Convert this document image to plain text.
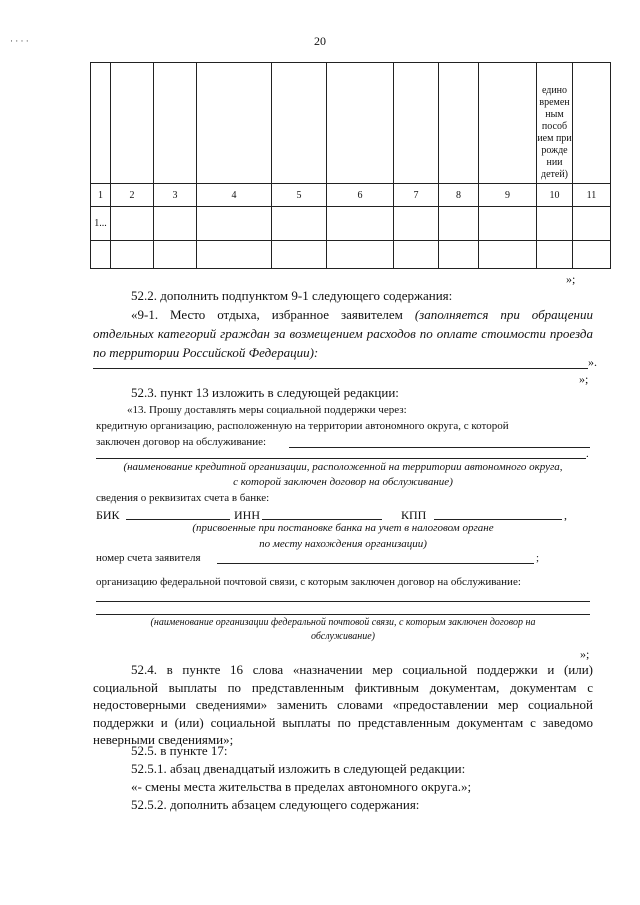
· · · ·	20
									едино времен ным пособ ием при рожде нии детей)	
1	2	3	4	5	6	7	8	9	10	11
1...										

»;
52.2. дополнить подпунктом 9-1 следующего содержания:
«9-1. Место отдыха, избранное заявителем (заполняется при обращении отдельных категорий граждан за возмещением расходов по оплате стоимости проезда по территории Российской Федерации):
».
»;
52.3. пункт 13 изложить в следующей редакции:
«13. Прошу доставлять меры социальной поддержки через:
кредитную организацию, расположенную на территории автономного округа, с которой
заключен договор на обслуживание:
.
(наименование кредитной организации, расположенной на территории автономного округа,
с которой заключен договор на обслуживание)
сведения о реквизитах счета в банке:
БИК	ИНН	КПП	,
(присвоенные при постановке банка на учет в налоговом органе
по месту нахождения организации)
номер счета заявителя	;
организацию федеральной почтовой связи, с которым заключен договор на обслуживание:
(наименование организации федеральной почтовой связи, с которым заключен договор на
обслуживание)
»;
52.4. в пункте 16 слова «назначении мер социальной поддержки и (или) социальной выплаты по представленным фиктивным документам, документам с недостоверными сведениями» заменить словами «предоставлении мер социальной поддержки и (или) социальной выплаты по представленным документам с заведомо неверными сведениями»;
52.5. в пункте 17:
52.5.1. абзац двенадцатый изложить в следующей редакции:
«- смены места жительства в пределах автономного округа.»;
52.5.2. дополнить абзацем следующего содержания:
